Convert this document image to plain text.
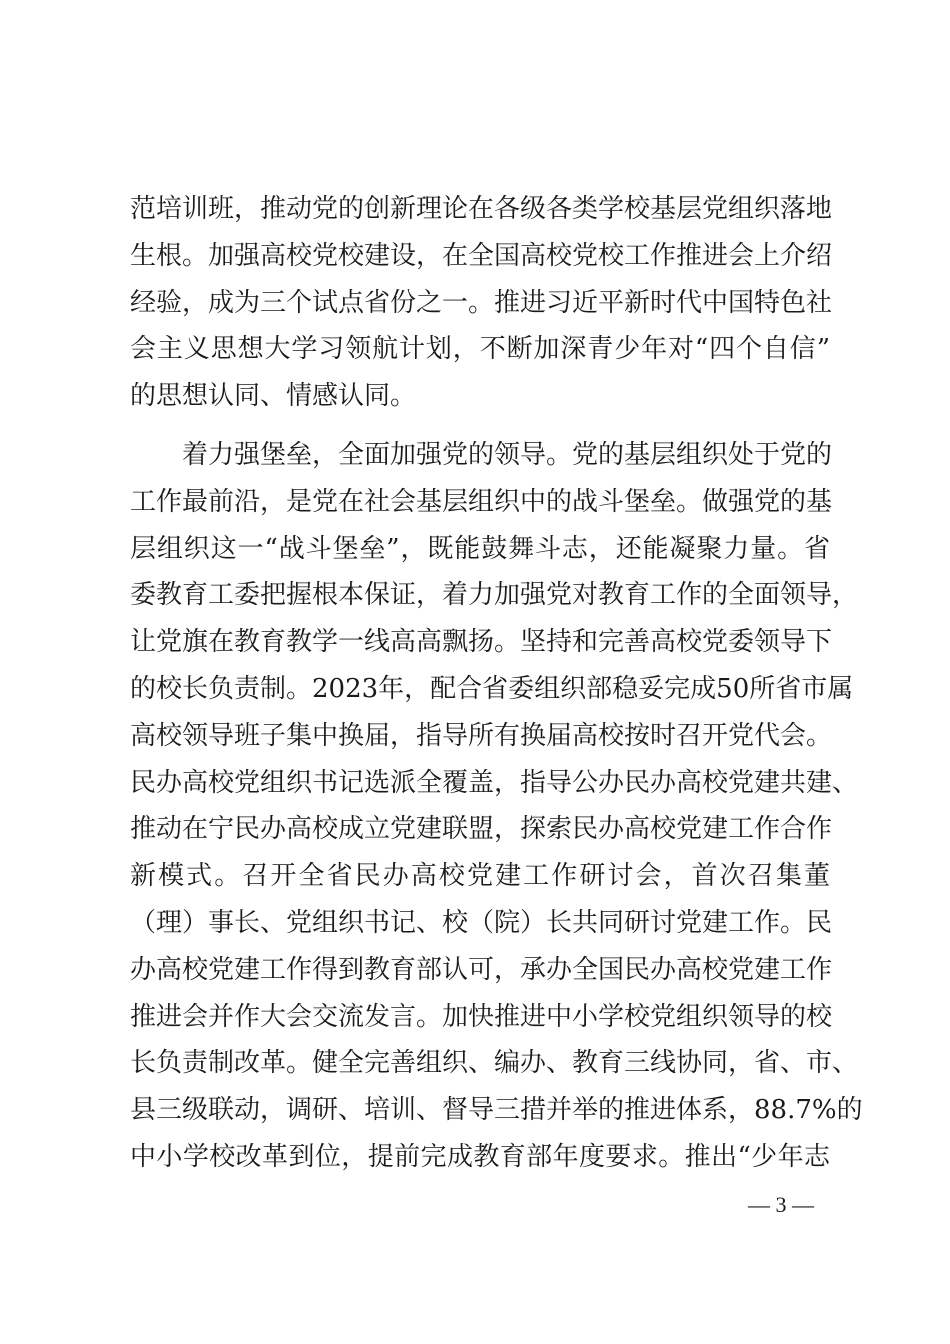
范培训班，推动党的创新理论在各级各类学校基层党组织落地
生根。加强高校党校建设，在全国高校党校工作推进会上介绍
经验，成为三个试点省份之一。推进习近平新时代中国特色社
会主义思想大学习领航计划，不断加深青少年对“四个自信”
的思想认同、情感认同。
着力强堡垒，全面加强党的领导。党的基层组织处于党的
工作最前沿，是党在社会基层组织中的战斗堡垒。做强党的基
层组织这一“战斗堡垒”，既能鼓舞斗志，还能凝聚力量。省
委教育工委把握根本保证，着力加强党对教育工作的全面领导，
让党旗在教育教学一线高高飘扬。坚持和完善高校党委领导下
的校长负责制。2023年，配合省委组织部稳妥完成50所省市属
高校领导班子集中换届，指导所有换届高校按时召开党代会。
民办高校党组织书记选派全覆盖，指导公办民办高校党建共建、
推动在宁民办高校成立党建联盟，探索民办高校党建工作合作
新模式。召开全省民办高校党建工作研讨会，首次召集董
（理）事长、党组织书记、校（院）长共同研讨党建工作。民
办高校党建工作得到教育部认可，承办全国民办高校党建工作
推进会并作大会交流发言。加快推进中小学校党组织领导的校
长负责制改革。健全完善组织、编办、教育三线协同，省、市、
县三级联动，调研、培训、督导三措并举的推进体系，88.7%的
中小学校改革到位，提前完成教育部年度要求。推出“少年志
— 3 —
